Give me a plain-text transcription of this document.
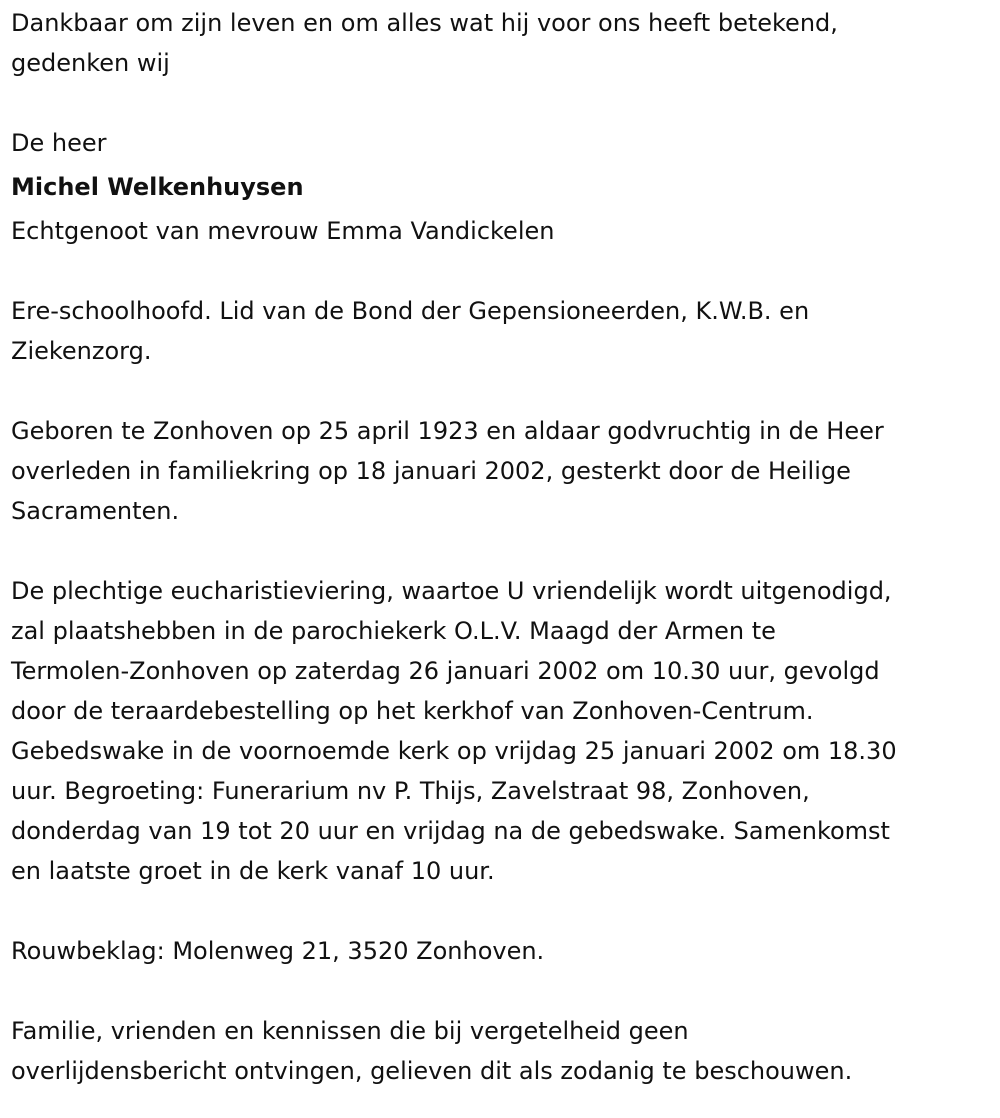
Dankbaar om zijn leven en om alles wat hij voor ons heeft betekend,

gedenken wij

De heer

Michel Welkenhuysen

Echtgenoot van mevrouw Emma Vandickelen

Ere-schoolhoofd. Lid van de Bond der Gepensioneerden, K.W.B. en

Ziekenzorg.

Geboren te Zonhoven op 25 april 1923 en aldaar godvruchtig in de Heer

overleden in familiekring op 18 januari 2002, gesterkt door de Heilige

Sacramenten.

De plechtige eucharistieviering, waartoe U vriendelijk wordt uitgenodigd,

zal plaatshebben in de parochiekerk O.L.V. Maagd der Armen te

Termolen-Zonhoven op zaterdag 26 januari 2002 om 10.30 uur, gevolgd

door de teraardebestelling op het kerkhof van Zonhoven-Centrum.

Gebedswake in de voornoemde kerk op vrijdag 25 januari 2002 om 18.30

uur. Begroeting: Funerarium nv P. Thijs, Zavelstraat 98, Zonhoven,

donderdag van 19 tot 20 uur en vrijdag na de gebedswake. Samenkomst

en laatste groet in de kerk vanaf 10 uur.

Rouwbeklag: Molenweg 21, 3520 Zonhoven.

Familie, vrienden en kennissen die bij vergetelheid geen

overlijdensbericht ontvingen, gelieven dit als zodanig te beschouwen.
